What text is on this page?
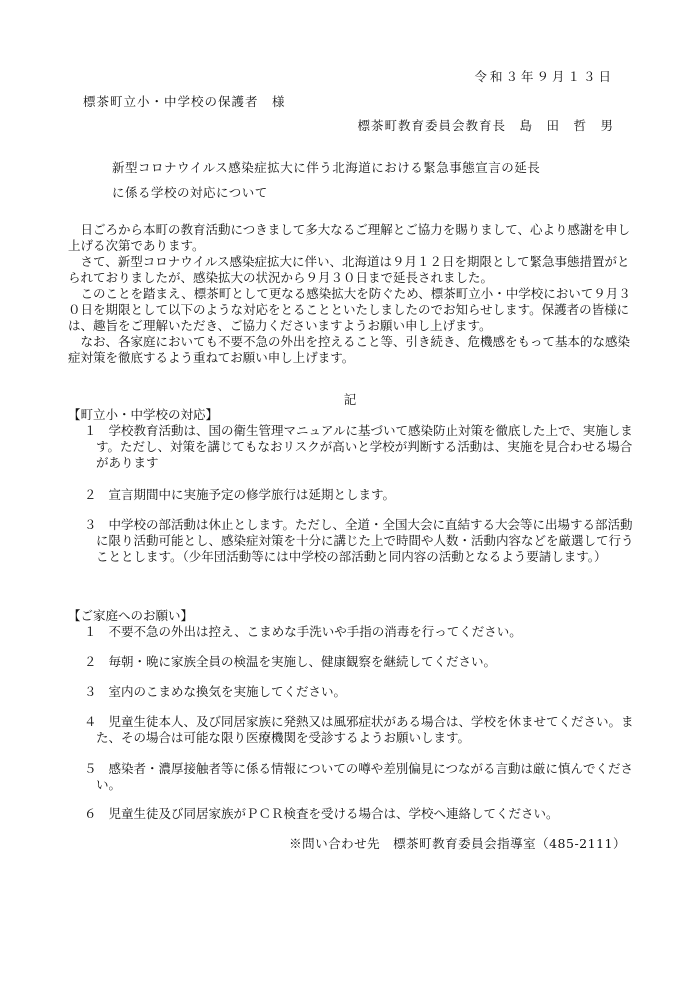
令和３年９月１３日
標茶町立小・中学校の保護者　様
標茶町教育委員会教育長　島　田　哲　男
新型コロナウイルス感染症拡大に伴う北海道における緊急事態宣言の延長
に係る学校の対応について

日ごろから本町の教育活動につきまして多大なるご理解とご協力を賜りまして、心より感謝を申し上げる次第であります。

さて、新型コロナウイルス感染症拡大に伴い、北海道は９月１２日を期限として緊急事態措置がとられておりましたが、感染拡大の状況から９月３０日まで延長されました。

このことを踏まえ、標茶町として更なる感染拡大を防ぐため、標茶町立小・中学校において９月３０日を期限として以下のような対応をとることといたしましたのでお知らせします。保護者の皆様には、趣旨をご理解いただき、ご協力くださいますようお願い申し上げます。

なお、各家庭においても不要不急の外出を控えること等、引き続き、危機感をもって基本的な感染症対策を徹底するよう重ねてお願い申し上げます。

記
【町立小・中学校の対応】
１ 学校教育活動は、国の衛生管理マニュアルに基づいて感染防止対策を徹底した上で、実施します。ただし、対策を講じてもなおリスクが高いと学校が判断する活動は、実施を見合わせる場合があります
２ 宣言期間中に実施予定の修学旅行は延期とします。
３ 中学校の部活動は休止とします。ただし、全道・全国大会に直結する大会等に出場する部活動に限り活動可能とし、感染症対策を十分に講じた上で時間や人数・活動内容などを厳選して行うこととします。（少年団活動等には中学校の部活動と同内容の活動となるよう要請します。）
【ご家庭へのお願い】
１ 不要不急の外出は控え、こまめな手洗いや手指の消毒を行ってください。
２ 毎朝・晩に家族全員の検温を実施し、健康観察を継続してください。
３ 室内のこまめな換気を実施してください。
４ 児童生徒本人、及び同居家族に発熱又は風邪症状がある場合は、学校を休ませてください。また、その場合は可能な限り医療機関を受診するようお願いします。
５ 感染者・濃厚接触者等に係る情報についての噂や差別偏見につながる言動は厳に慎んでください。
６ 児童生徒及び同居家族がＰＣＲ検査を受ける場合は、学校へ連絡してください。
※問い合わせ先　標茶町教育委員会指導室（485-2111）
